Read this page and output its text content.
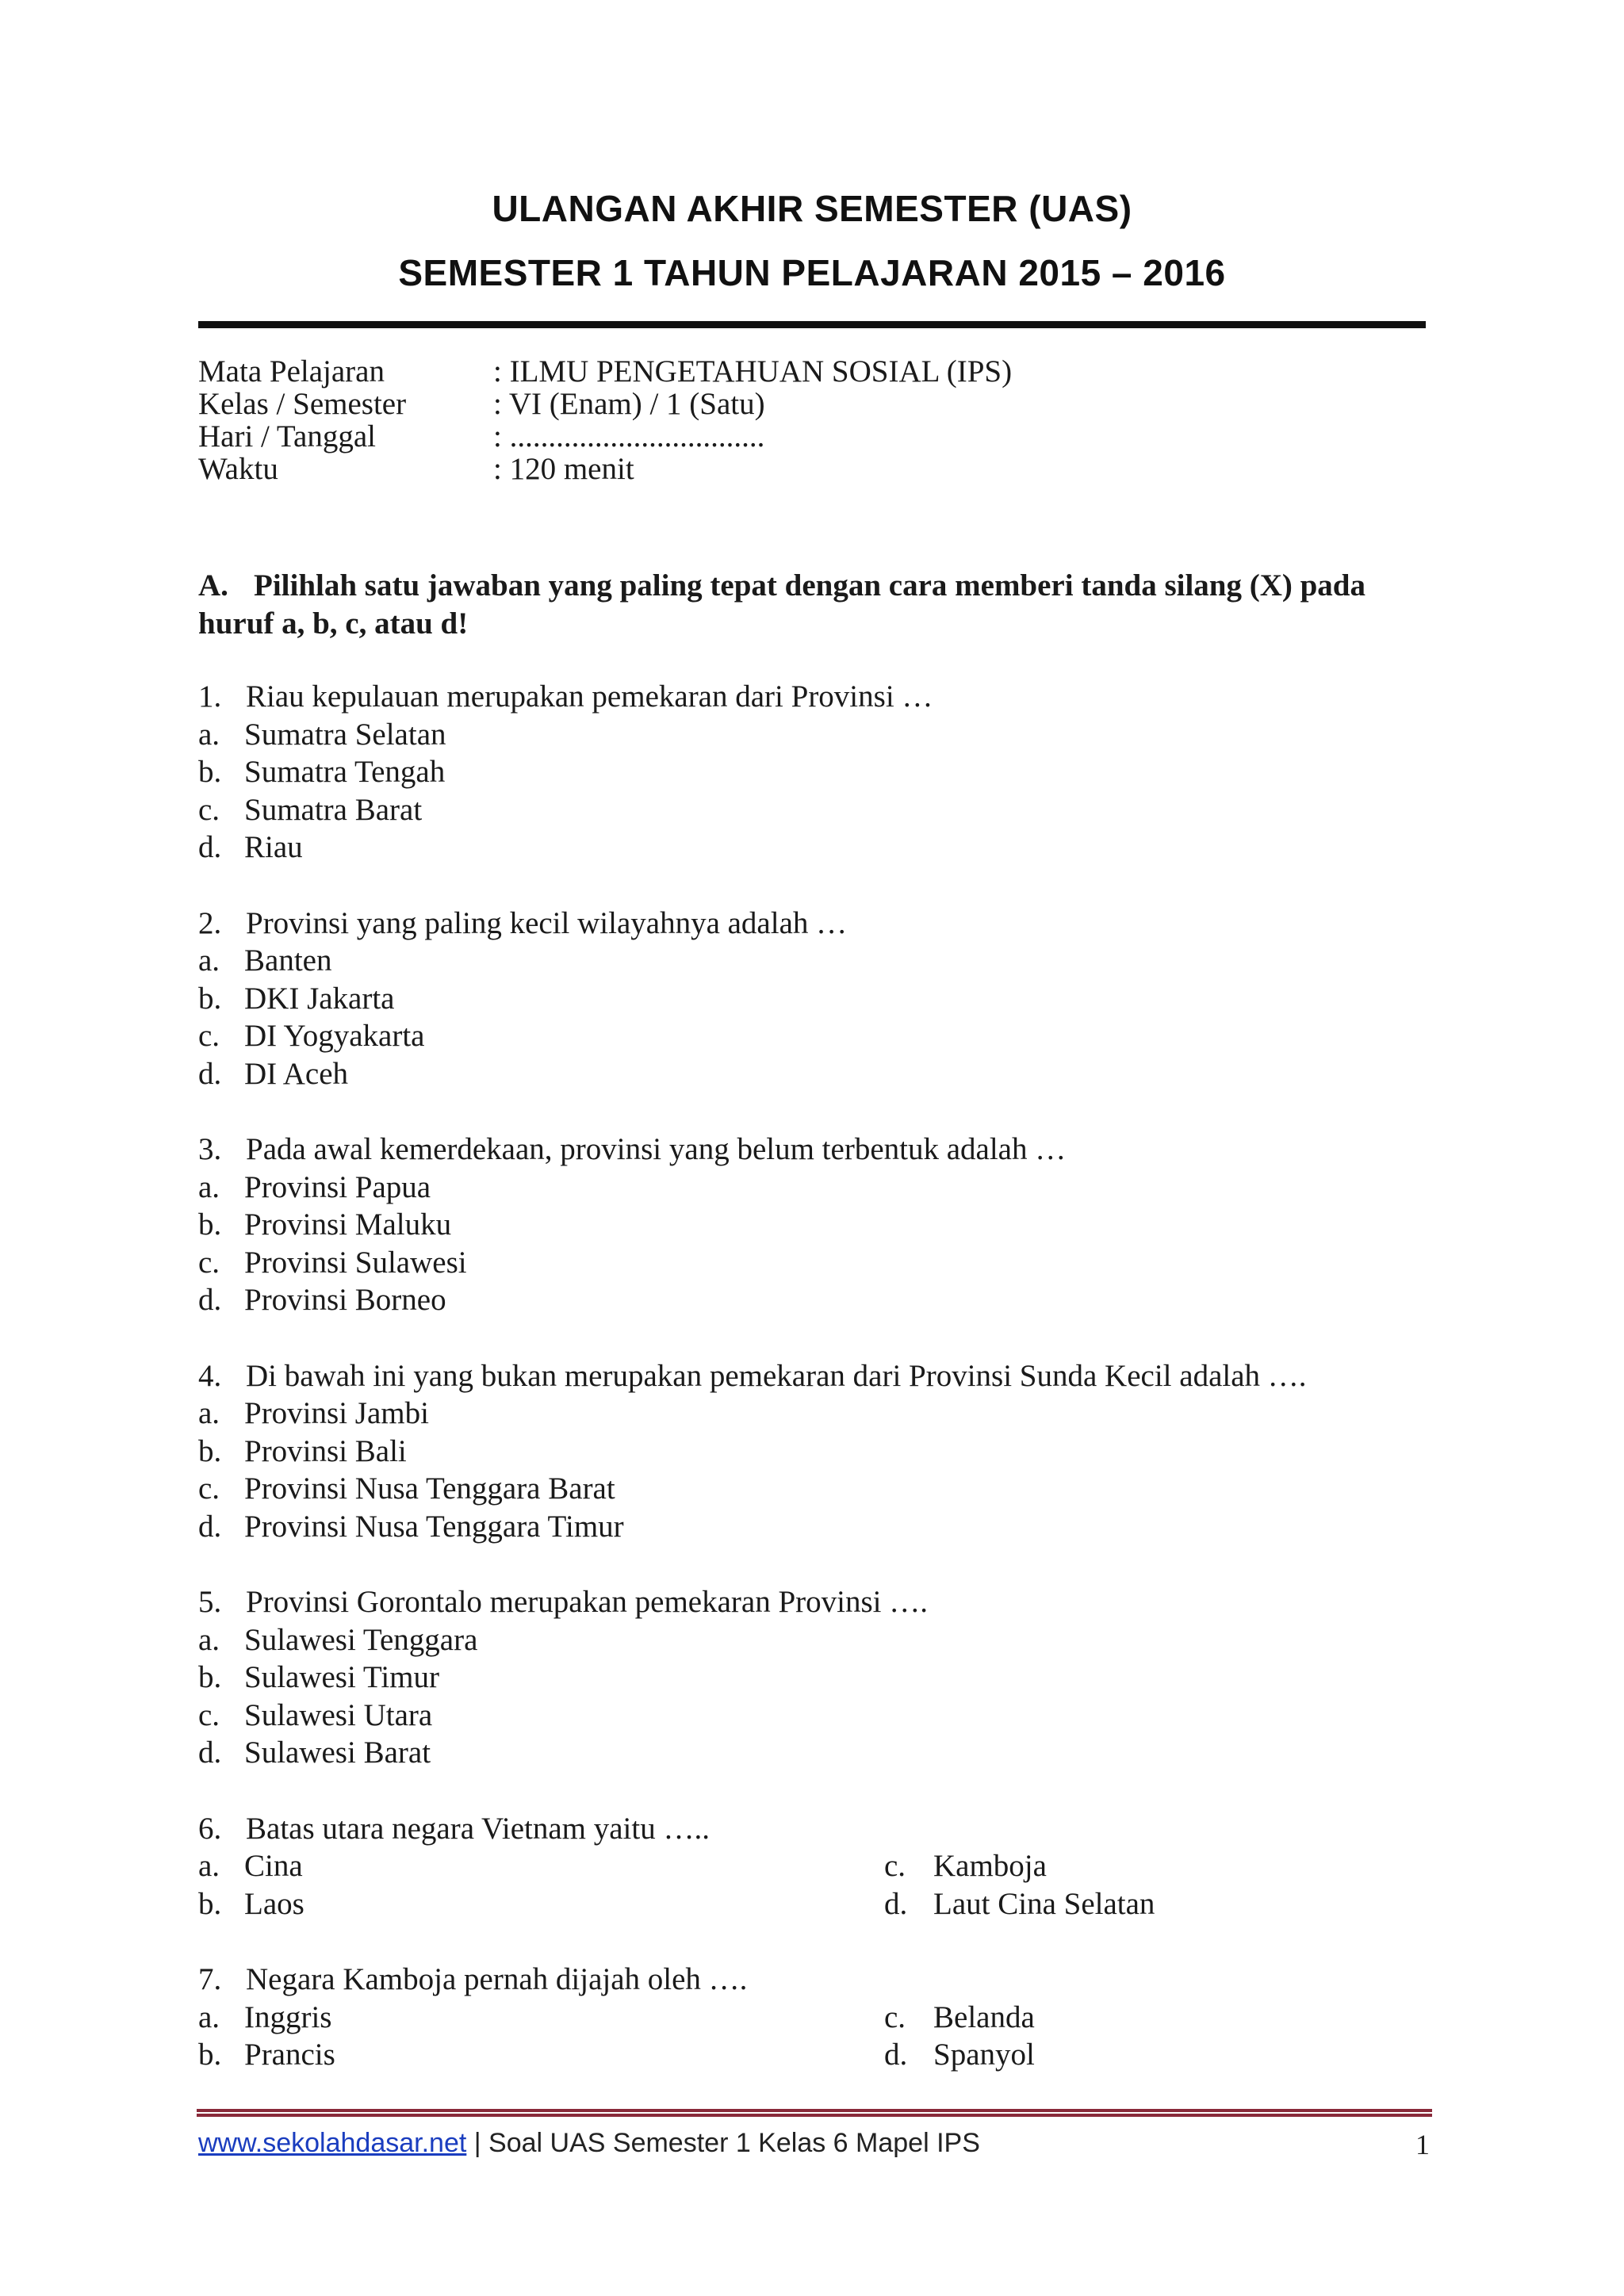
ULANGAN AKHIR SEMESTER (UAS)
SEMESTER 1 TAHUN PELAJARAN 2015 – 2016
Mata Pelajaran	: ILMU PENGETAHUAN SOSIAL (IPS)
Kelas / Semester	: VI (Enam) / 1 (Satu)
Hari / Tanggal	: .................................
Waktu	: 120 menit
A. Pilihlah satu jawaban yang paling tepat dengan cara memberi tanda silang (X) pada huruf a, b, c, atau d!
1. Riau kepulauan merupakan pemekaran dari Provinsi …
a. Sumatra Selatan
b. Sumatra Tengah
c. Sumatra Barat
d. Riau
2. Provinsi yang paling kecil wilayahnya adalah …
a. Banten
b. DKI Jakarta
c. DI Yogyakarta
d. DI Aceh
3. Pada awal kemerdekaan, provinsi yang belum terbentuk adalah …
a. Provinsi Papua
b. Provinsi Maluku
c. Provinsi Sulawesi
d. Provinsi Borneo
4. Di bawah ini yang bukan merupakan pemekaran dari Provinsi Sunda Kecil adalah ….
a. Provinsi Jambi
b. Provinsi Bali
c. Provinsi Nusa Tenggara Barat
d. Provinsi Nusa Tenggara Timur
5. Provinsi Gorontalo merupakan pemekaran Provinsi ….
a. Sulawesi Tenggara
b. Sulawesi Timur
c. Sulawesi Utara
d. Sulawesi Barat
6. Batas utara negara Vietnam yaitu …..
a. Cina	c. Kamboja
b. Laos	d. Laut Cina Selatan
7. Negara Kamboja pernah dijajah oleh ….
a. Inggris	c. Belanda
b. Prancis	d. Spanyol
www.sekolahdasar.net | Soal UAS Semester 1 Kelas 6 Mapel IPS	1
